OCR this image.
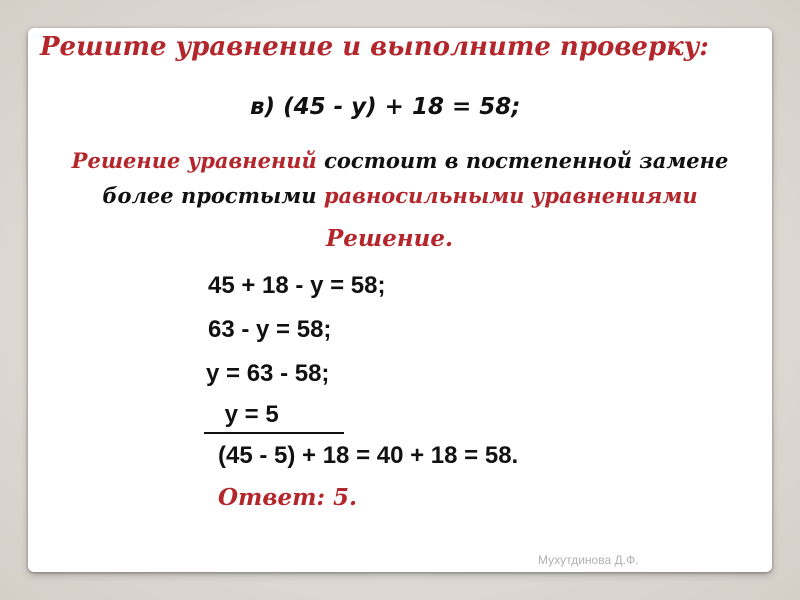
Решите уравнение и выполните проверку:
в) (45 - у) + 18 = 58;
Решение уравнений состоит в постепенной замене
более простыми равносильными уравнениями
Решение.
45 + 18 - у = 58;
63 - у = 58;
у = 63 - 58;
у = 5
(45 - 5) + 18 = 40 + 18 = 58.
Ответ: 5.
Мухутдинова Д.Ф.
